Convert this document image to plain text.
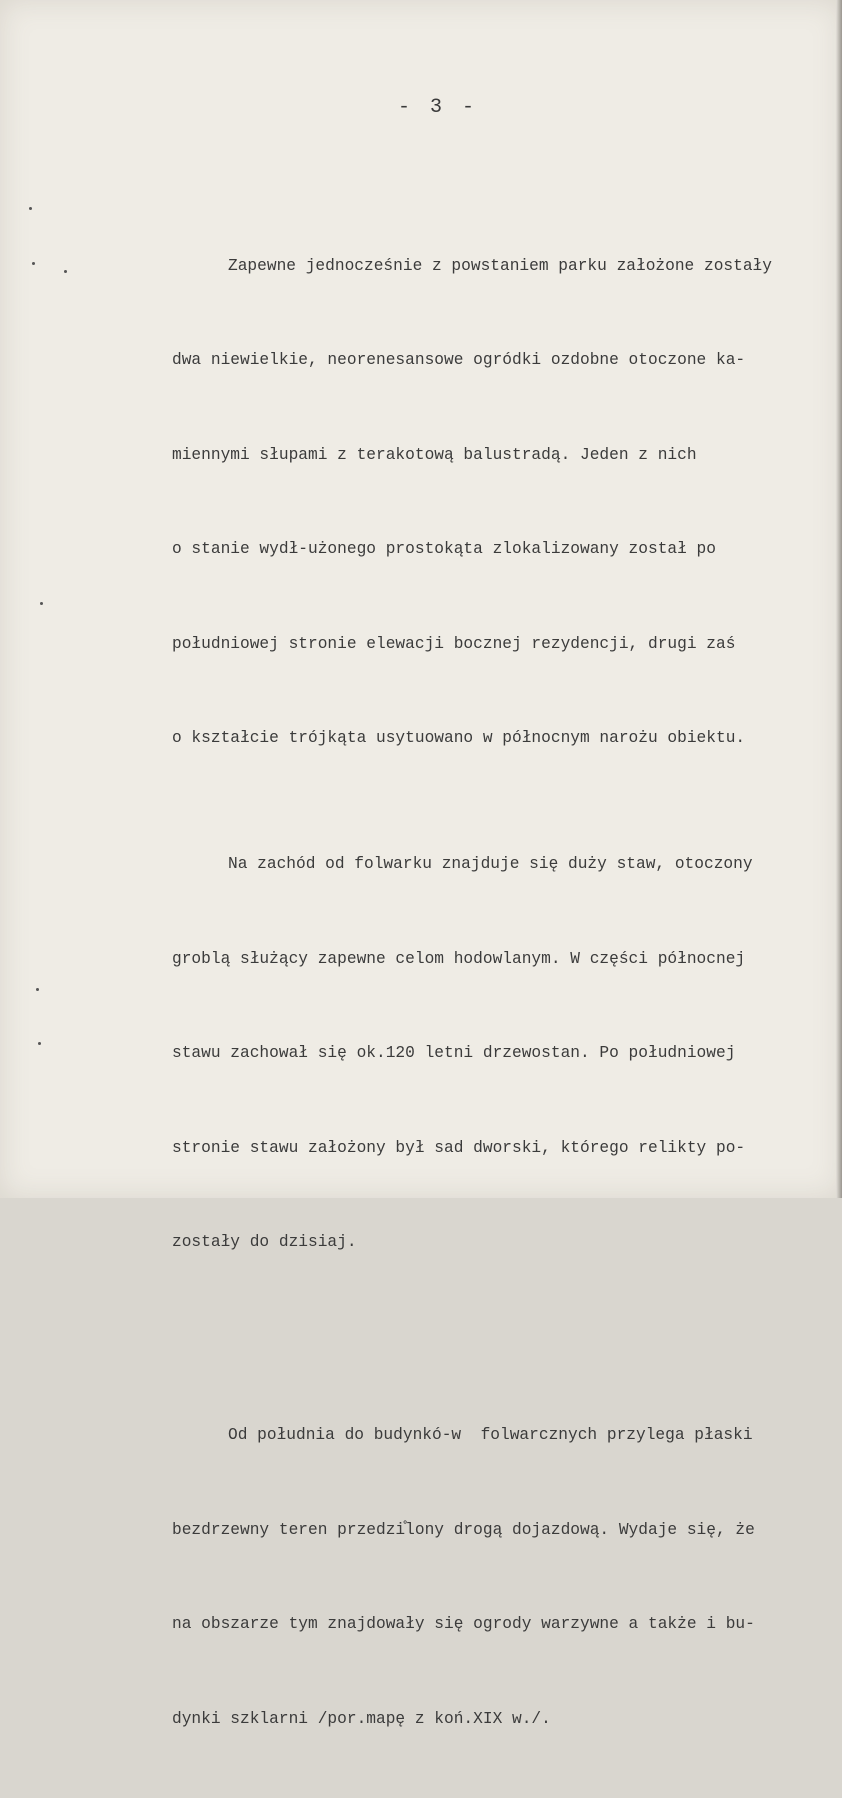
- 3 -

Zapewne jednocześnie z powstaniem parku założone zostały

dwa niewielkie, neorenesansowe ogródki ozdobne otoczone ka-

miennymi słupami z terakotową balustradą. Jeden z nich

o stanie wydł-użonego prostokąta zlokalizowany został po

południowej stronie elewacji bocznej rezydencji, drugi zaś

o kształcie trójkąta usytuowano w północnym narożu obiektu.

Na zachód od folwarku znajduje się duży staw, otoczony

groblą służący zapewne celom hodowlanym. W części północnej

stawu zachował się ok.120 letni drzewostan. Po południowej

stronie stawu założony był sad dworski, którego relikty po-

zostały do dzisiaj.

Od południa do budynkó-w  folwarcznych przylega płaski

bezdrzewny teren przedzi̊lony drogą dojazdową. Wydaje się, że

na obszarze tym znajdowały się ogrody warzywne a także i bu-

dynki szklarni /por.mapę z koń.XIX w./.
